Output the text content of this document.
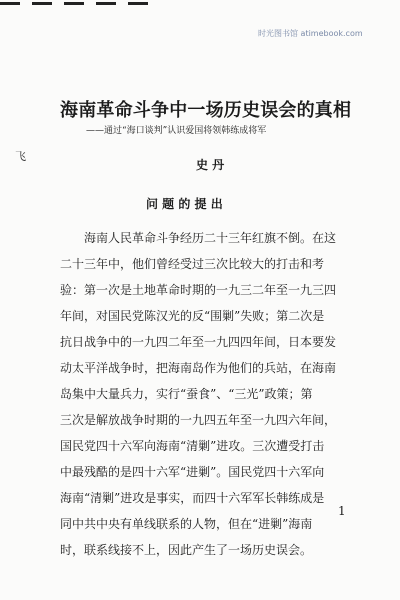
时光图书馆 atimebook.com
海南革命斗争中一场历史误会的真相
——通过“海口谈判”认识爱国将领韩练成将军
飞
史 丹
问 题 的 提 出
海南人民革命斗争经历二十三年红旗不倒。在这
二十三年中，他们曾经受过三次比较大的打击和考
验：第一次是土地革命时期的一九三二年至一九三四
年间，对国民党陈汉光的反“围剿”失败；第二次是
抗日战争中的一九四二年至一九四四年间，日本要发
动太平洋战争时，把海南岛作为他们的兵站，在海南
岛集中大量兵力，实行“蚕食”、“三光”政策；第
三次是解放战争时期的一九四五年至一九四六年间，
国民党四十六军向海南“清剿”进攻。三次遭受打击
中最残酷的是四十六军“进剿”。国民党四十六军向
海南“清剿”进攻是事实，而四十六军军长韩练成是
同中共中央有单线联系的人物，但在“进剿”海南
时，联系线接不上，因此产生了一场历史误会。
1
